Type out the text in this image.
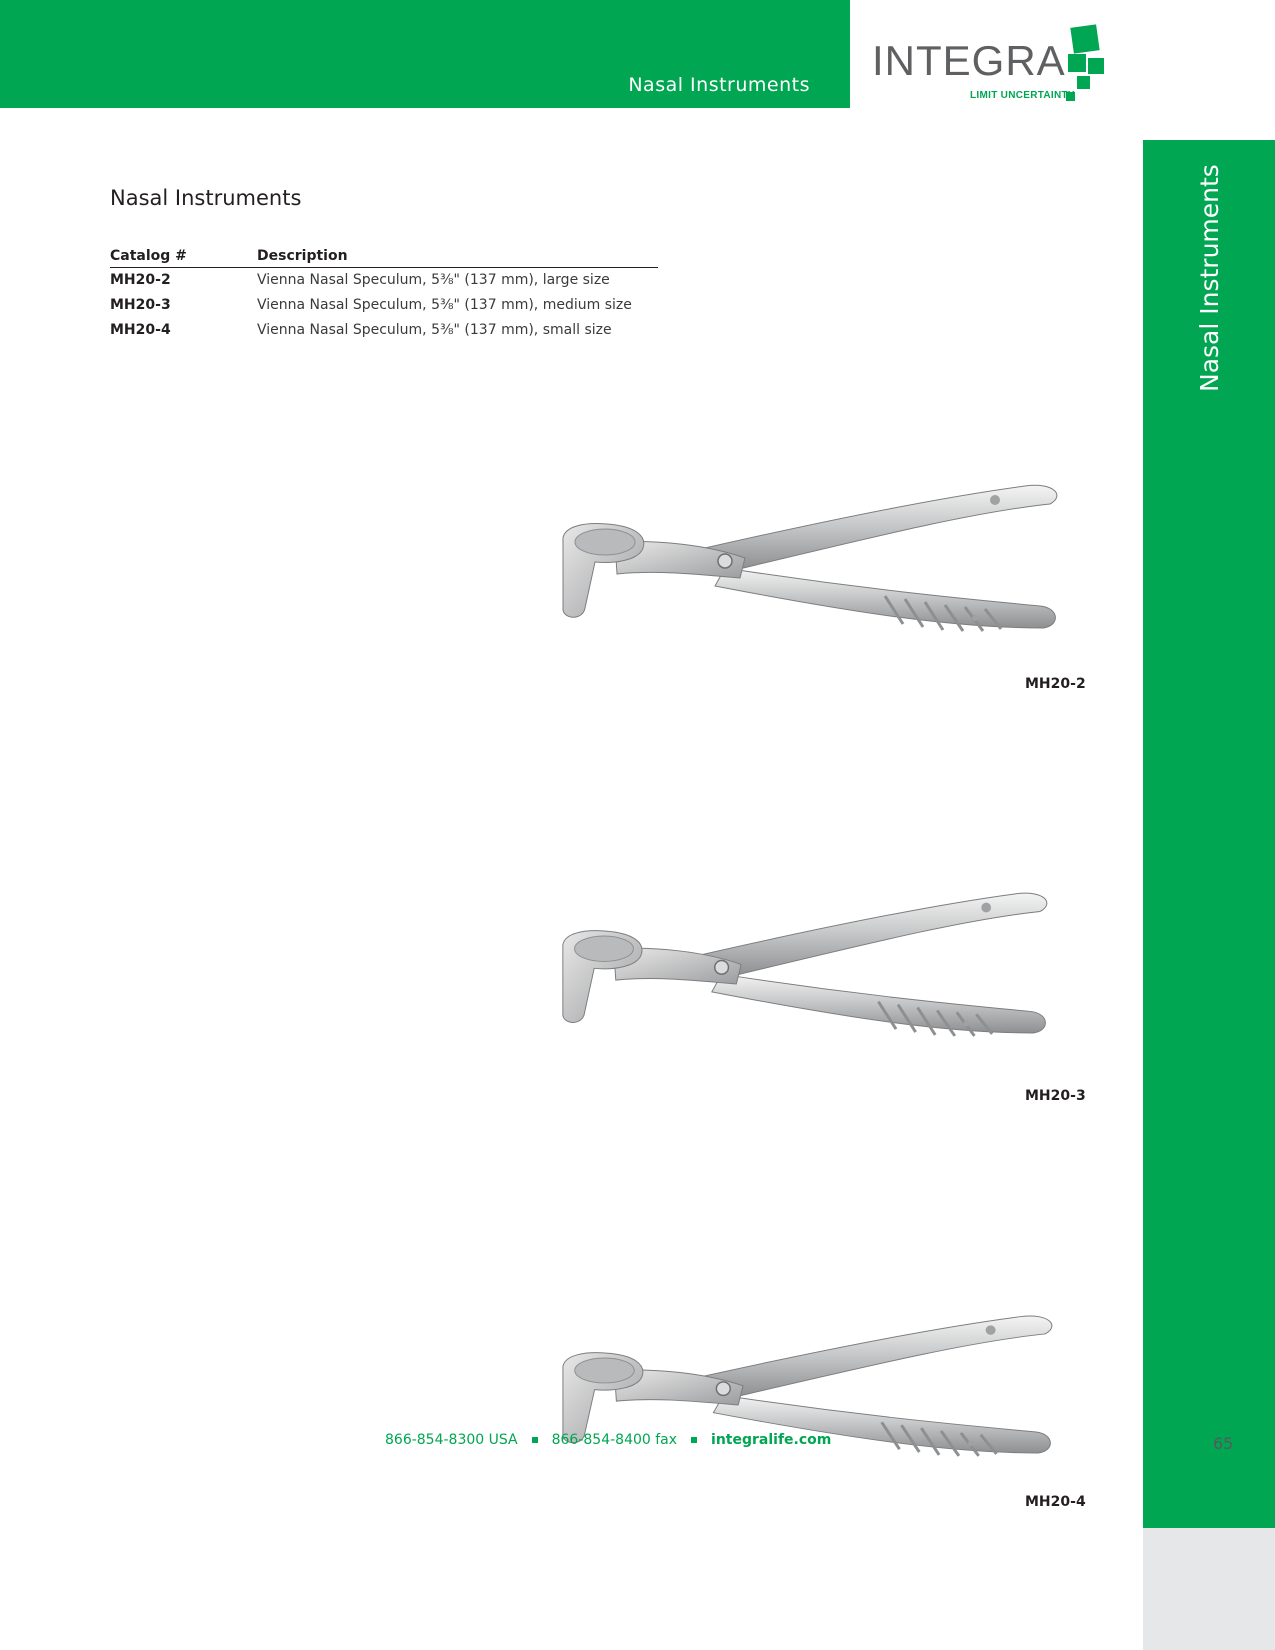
Nasal Instruments
INTEGRA
LIMIT UNCERTAINTY
Nasal Instruments
Nasal Instruments
Catalog #	Description
MH20-2	Vienna Nasal Speculum, 5⅜" (137 mm), large size
MH20-3	Vienna Nasal Speculum, 5⅜" (137 mm), medium size
MH20-4	Vienna Nasal Speculum, 5⅜" (137 mm), small size
MH20-2
MH20-3
MH20-4
866-854-8300 USA 866-854-8400 fax integralife.com	65
